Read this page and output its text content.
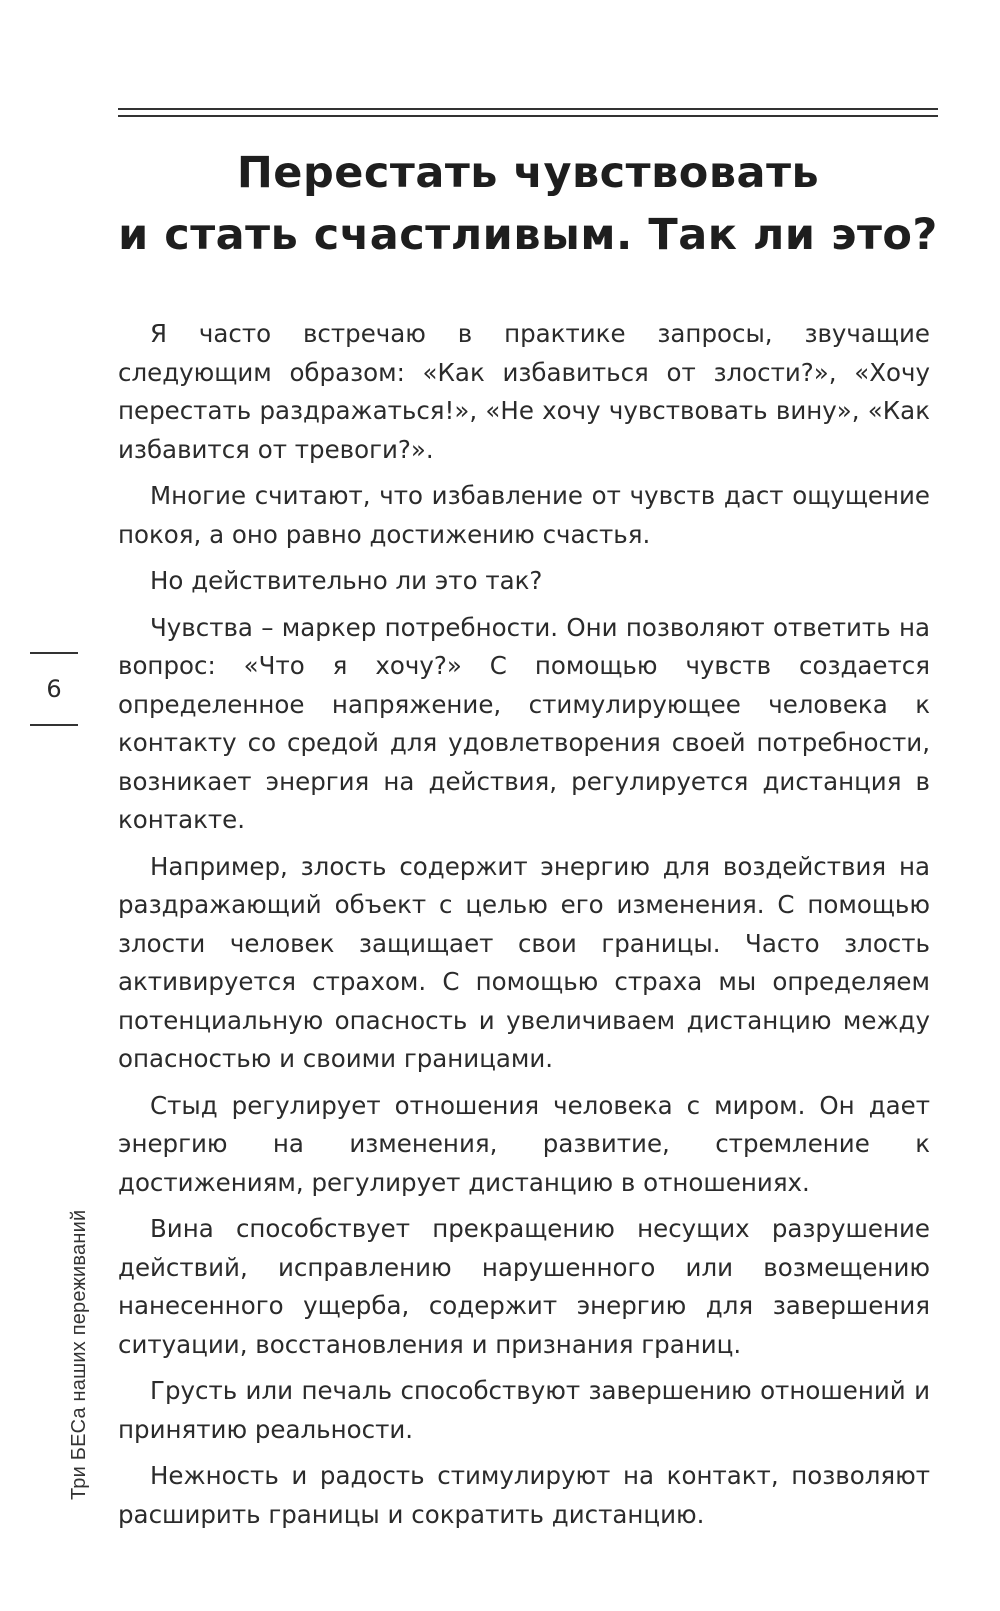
Перестать чувствовать
и стать счастливым. Так ли это?

Я часто встречаю в практике запросы, звучащие следующим образом: «Как избавиться от злости?», «Хочу перестать раздражаться!», «Не хочу чувствовать вину», «Как избавится от тревоги?».

Многие считают, что избавление от чувств даст ощущение покоя, а оно равно достижению счастья.

Но действительно ли это так?

Чувства – маркер потребности. Они позволяют ответить на вопрос: «Что я хочу?» С помощью чувств создается определенное напряжение, стимулирующее человека к контакту со средой для удовлетворения своей потребности, возникает энергия на действия, регулируется дистанция в контакте.

Например, злость содержит энергию для воздействия на раздражающий объект с целью его изменения. С помощью злости человек защищает свои границы. Часто злость активируется страхом. С помощью страха мы определяем потенциальную опасность и увеличиваем дистанцию между опасностью и своими границами.

Стыд регулирует отношения человека с миром. Он дает энергию на изменения, развитие, стремление к достижениям, регулирует дистанцию в отношениях.

Вина способствует прекращению несущих разрушение действий, исправлению нарушенного или возмещению нанесенного ущерба, содержит энергию для завершения ситуации, восстановления и признания границ.

Грусть или печаль способствуют завершению отношений и принятию реальности.

Нежность и радость стимулируют на контакт, позволяют расширить границы и сократить дистанцию.

6
Три БЕСа наших переживаний
